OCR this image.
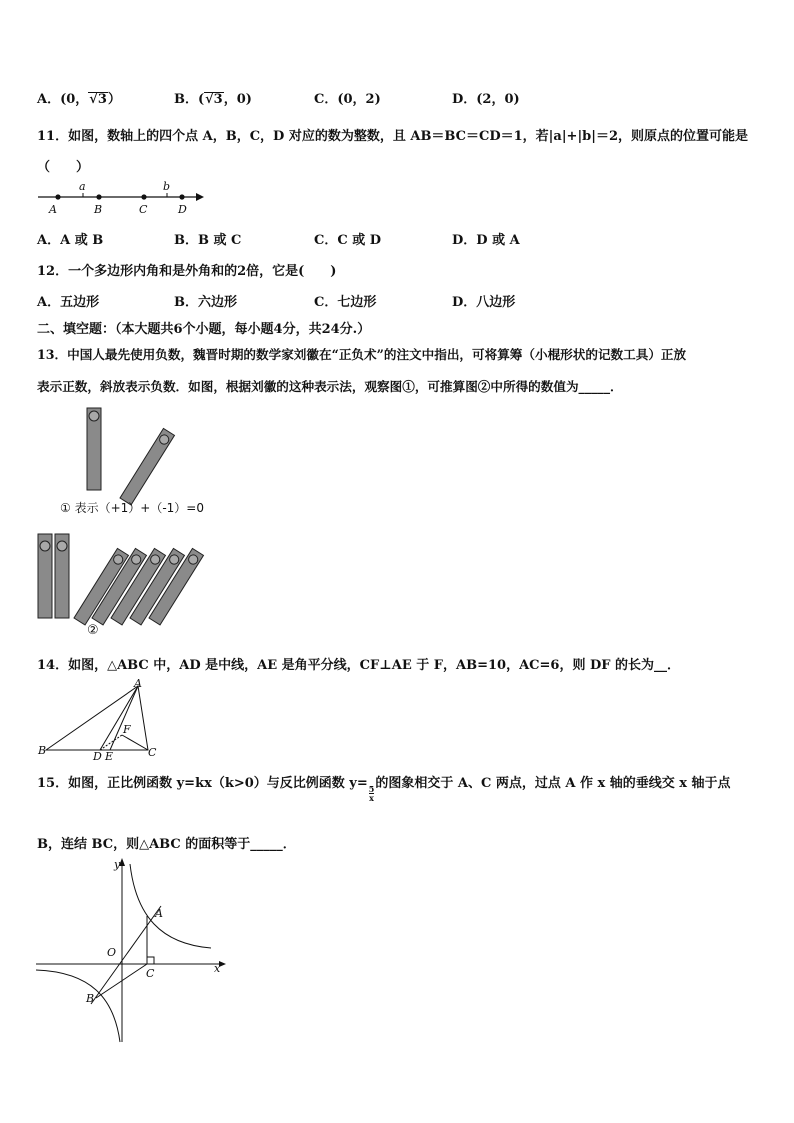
A．(0，√3）	B．(√3，0)	C．(0，2)	D．(2，0)
11．如图，数轴上的四个点 A，B，C，D 对应的数为整数，且 AB＝BC＝CD＝1，若|a|+|b|＝2，则原点的位置可能是
（　　）
a	b
A	B	C	D
A．A 或 B	B．B 或 C	C．C 或 D	D．D 或 A
12．一个多边形内角和是外角和的2倍，它是(　　)
A．五边形	B．六边形	C．七边形	D．八边形
二、填空题：（本大题共6个小题，每小题4分，共24分.）
13．中国人最先使用负数，魏晋时期的数学家刘徽在“正负术”的注文中指出，可将算筹（小棍形状的记数工具）正放
表示正数，斜放表示负数．如图，根据刘徽的这种表示法，观察图①，可推算图②中所得的数值为_____．
① 表示（+1）+（-1）=0
②
14．如图，△ABC 中，AD 是中线，AE 是角平分线，CF⊥AE 于 F，AB=10，AC=6，则 DF 的长为__．
A
B	C
D E
F
15．如图，正比例函数 y=kx（k>0）与反比例函数 y=
$\frac{5}{x}$
的图象相交于 A、C 两点，过点 A 作 x 轴的垂线交 x 轴于点
B，连结 BC，则△ABC 的面积等于_____．
y
x
O
A
B
C
